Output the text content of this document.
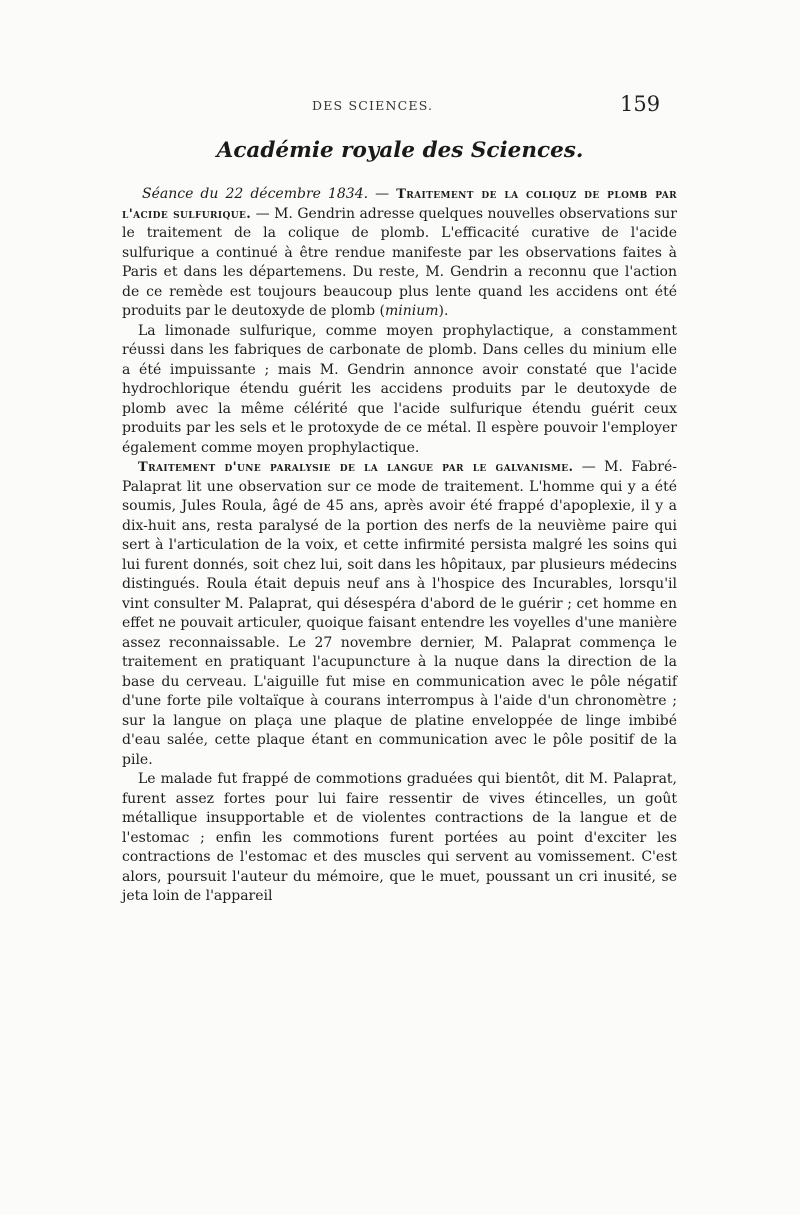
DES SCIENCES.	159
Académie royale des Sciences.

Séance du 22 décembre 1834. — Traitement de la coliquz de plomb par l'acide sulfurique. — M. Gendrin adresse quelques nouvelles observations sur le traitement de la colique de plomb. L'efficacité curative de l'acide sulfurique a continué à être rendue manifeste par les observations faites à Paris et dans les départemens. Du reste, M. Gendrin a reconnu que l'action de ce remède est toujours beaucoup plus lente quand les accidens ont été produits par le deutoxyde de plomb (minium).

La limonade sulfurique, comme moyen prophylactique, a constamment réussi dans les fabriques de carbonate de plomb. Dans celles du minium elle a été impuissante ; mais M. Gendrin annonce avoir constaté que l'acide hydrochlorique étendu guérit les accidens produits par le deutoxyde de plomb avec la même célérité que l'acide sulfurique étendu guérit ceux produits par les sels et le protoxyde de ce métal. Il espère pouvoir l'employer également comme moyen prophylactique.

Traitement d'une paralysie de la langue par le galvanisme. — M. Fabré-Palaprat lit une observation sur ce mode de traitement. L'homme qui y a été soumis, Jules Roula, âgé de 45 ans, après avoir été frappé d'apoplexie, il y a dix-huit ans, resta paralysé de la portion des nerfs de la neuvième paire qui sert à l'articulation de la voix, et cette infirmité persista malgré les soins qui lui furent donnés, soit chez lui, soit dans les hôpitaux, par plusieurs médecins distingués. Roula était depuis neuf ans à l'hospice des Incurables, lorsqu'il vint consulter M. Palaprat, qui désespéra d'abord de le guérir ; cet homme en effet ne pouvait articuler, quoique faisant entendre les voyelles d'une manière assez reconnaissable. Le 27 novembre dernier, M. Palaprat commença le traitement en pratiquant l'acupuncture à la nuque dans la direction de la base du cerveau. L'aiguille fut mise en communication avec le pôle négatif d'une forte pile voltaïque à courans interrompus à l'aide d'un chronomètre ; sur la langue on plaça une plaque de platine enveloppée de linge imbibé d'eau salée, cette plaque étant en communication avec le pôle positif de la pile.

Le malade fut frappé de commotions graduées qui bientôt, dit M. Palaprat, furent assez fortes pour lui faire ressentir de vives étincelles, un goût métallique insupportable et de violentes contractions de la langue et de l'estomac ; enfin les commotions furent portées au point d'exciter les contractions de l'estomac et des muscles qui servent au vomissement. C'est alors, poursuit l'auteur du mémoire, que le muet, poussant un cri inusité, se jeta loin de l'appareil
